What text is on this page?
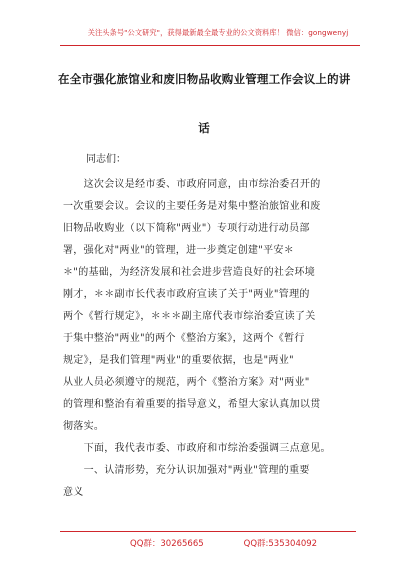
关注头条号"公文研究"，获得最新最全最专业的公文资料库！ 微信：gongwenyj
在全市强化旅馆业和废旧物品收购业管理工作会议上的讲
话
同志们：
　　这次会议是经市委、市政府同意，由市综治委召开的
一次重要会议。会议的主要任务是对集中整治旅馆业和废
旧物品收购业（以下简称"两业"）专项行动进行动员部
署，强化对"两业"的管理，进一步奠定创建"平安＊
＊"的基础，为经济发展和社会进步营造良好的社会环境
刚才，＊＊副市长代表市政府宣读了关于"两业"管理的
两个《暂行规定》，＊＊＊副主席代表市综治委宣读了关
于集中整治"两业"的两个《整治方案》，这两个《暂行
规定》，是我们管理"两业"的重要依据，也是"两业"
从业人员必须遵守的规范，两个《整治方案》对"两业"
的管理和整治有着重要的指导意义，希望大家认真加以贯
彻落实。
　　下面，我代表市委、市政府和市综治委强调三点意见。
　　一、认清形势，充分认识加强对"两业"管理的重要
意义
QQ群：30265665	QQ群:535304092
